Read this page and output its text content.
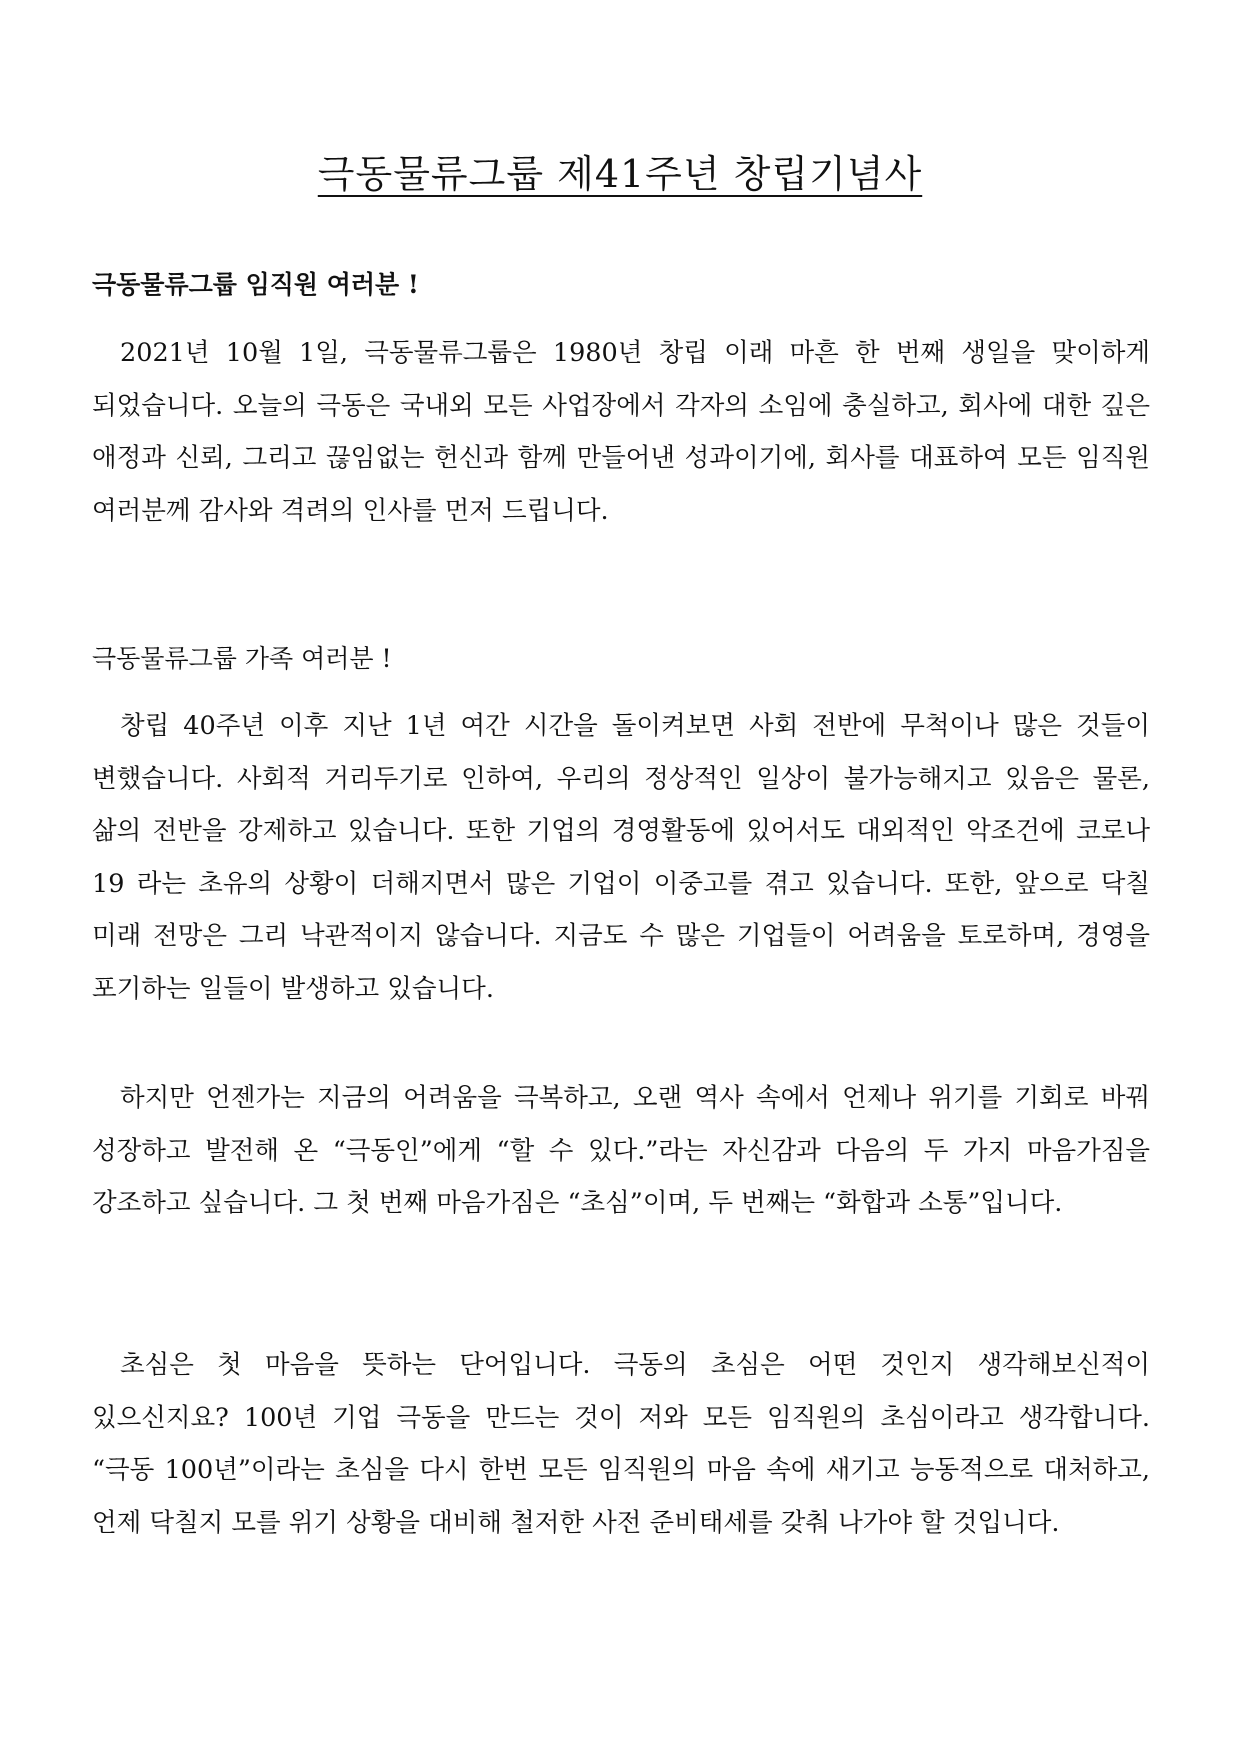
극동물류그룹 제41주년 창립기념사

극동물류그룹 임직원 여러분 !

2021년 10월 1일, 극동물류그룹은 1980년 창립 이래 마흔 한 번째 생일을 맞이하게 되었습니다. 오늘의 극동은 국내외 모든 사업장에서 각자의 소임에 충실하고, 회사에 대한 깊은 애정과 신뢰, 그리고 끊임없는 헌신과 함께 만들어낸 성과이기에, 회사를 대표하여 모든 임직원 여러분께 감사와 격려의 인사를 먼저 드립니다.

극동물류그룹 가족 여러분 !

창립 40주년 이후 지난 1년 여간 시간을 돌이켜보면 사회 전반에 무척이나 많은 것들이 변했습니다. 사회적 거리두기로 인하여, 우리의 정상적인 일상이 불가능해지고 있음은 물론, 삶의 전반을 강제하고 있습니다. 또한 기업의 경영활동에 있어서도 대외적인 악조건에 코로나 19 라는 초유의 상황이 더해지면서 많은 기업이 이중고를 겪고 있습니다. 또한, 앞으로 닥칠 미래 전망은 그리 낙관적이지 않습니다. 지금도 수 많은 기업들이 어려움을 토로하며, 경영을 포기하는 일들이 발생하고 있습니다.

하지만 언젠가는 지금의 어려움을 극복하고, 오랜 역사 속에서 언제나 위기를 기회로 바꿔 성장하고 발전해 온 “극동인”에게 “할 수 있다.”라는 자신감과 다음의 두 가지 마음가짐을 강조하고 싶습니다. 그 첫 번째 마음가짐은 “초심”이며, 두 번째는 “화합과 소통”입니다.

초심은 첫 마음을 뜻하는 단어입니다. 극동의 초심은 어떤 것인지 생각해보신적이 있으신지요? 100년 기업 극동을 만드는 것이 저와 모든 임직원의 초심이라고 생각합니다. “극동 100년”이라는 초심을 다시 한번 모든 임직원의 마음 속에 새기고 능동적으로 대처하고, 언제 닥칠지 모를 위기 상황을 대비해 철저한 사전 준비태세를 갖춰 나가야 할 것입니다.
